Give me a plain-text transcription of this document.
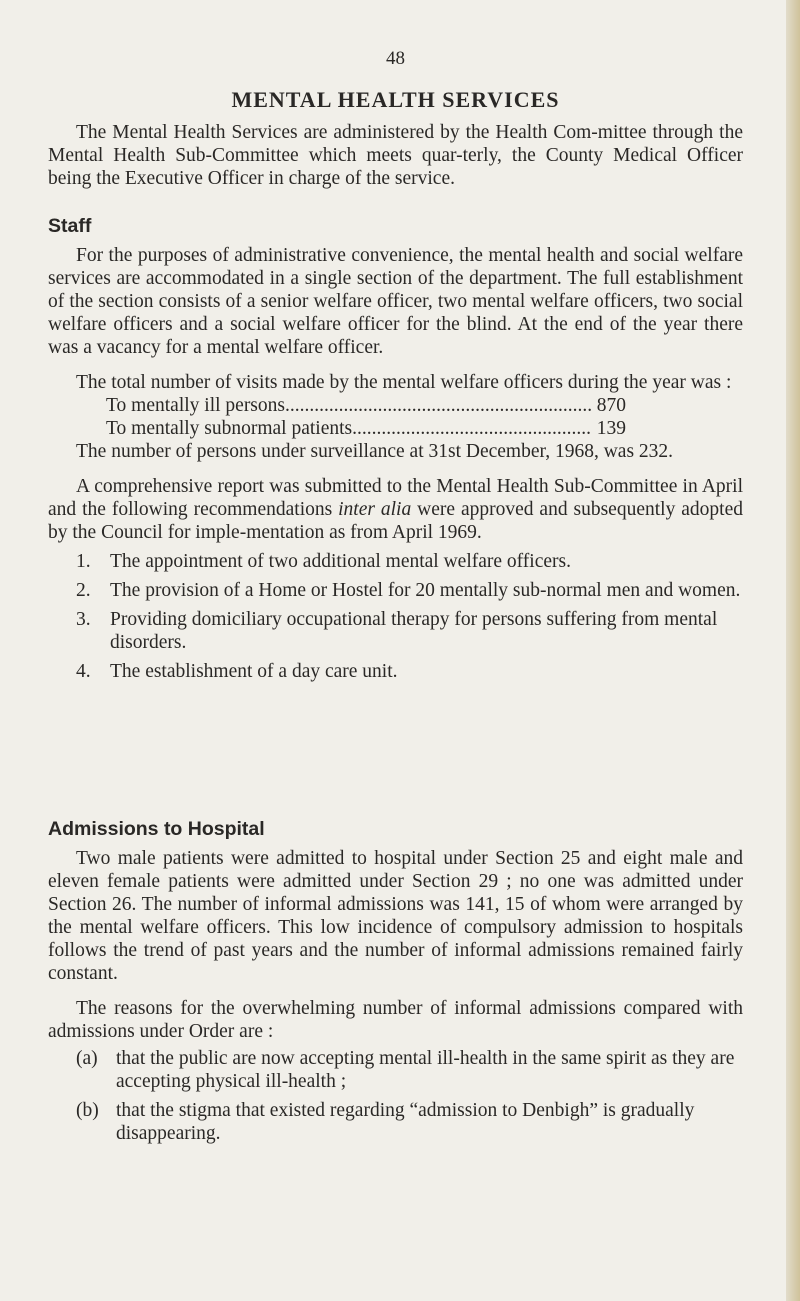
48
MENTAL HEALTH SERVICES

The Mental Health Services are administered by the Health Com-mittee through the Mental Health Sub-Committee which meets quar-terly, the County Medical Officer being the Executive Officer in charge of the service.

Staff

For the purposes of administrative convenience, the mental health and social welfare services are accommodated in a single section of the department. The full establishment of the section consists of a senior welfare officer, two mental welfare officers, two social welfare officers and a social welfare officer for the blind. At the end of the year there was a vacancy for a mental welfare officer.

The total number of visits made by the mental welfare officers during the year was :

To mentally ill persons .....	870
To mentally subnormal patients .....	139

The number of persons under surveillance at 31st December, 1968, was 232.

A comprehensive report was submitted to the Mental Health Sub-Committee in April and the following recommendations inter alia were approved and subsequently adopted by the Council for imple-mentation as from April 1969.

1. The appointment of two additional mental welfare officers.
2. The provision of a Home or Hostel for 20 mentally sub-normal men and women.
3. Providing domiciliary occupational therapy for persons suffering from mental disorders.
4. The establishment of a day care unit.
Admissions to Hospital

Two male patients were admitted to hospital under Section 25 and eight male and eleven female patients were admitted under Section 29 ; no one was admitted under Section 26. The number of informal admissions was 141, 15 of whom were arranged by the mental welfare officers. This low incidence of compulsory admission to hospitals follows the trend of past years and the number of informal admissions remained fairly constant.

The reasons for the overwhelming number of informal admissions compared with admissions under Order are :

(a) that the public are now accepting mental ill-health in the same spirit as they are accepting physical ill-health ;
(b) that the stigma that existed regarding “admission to Denbigh” is gradually disappearing.
